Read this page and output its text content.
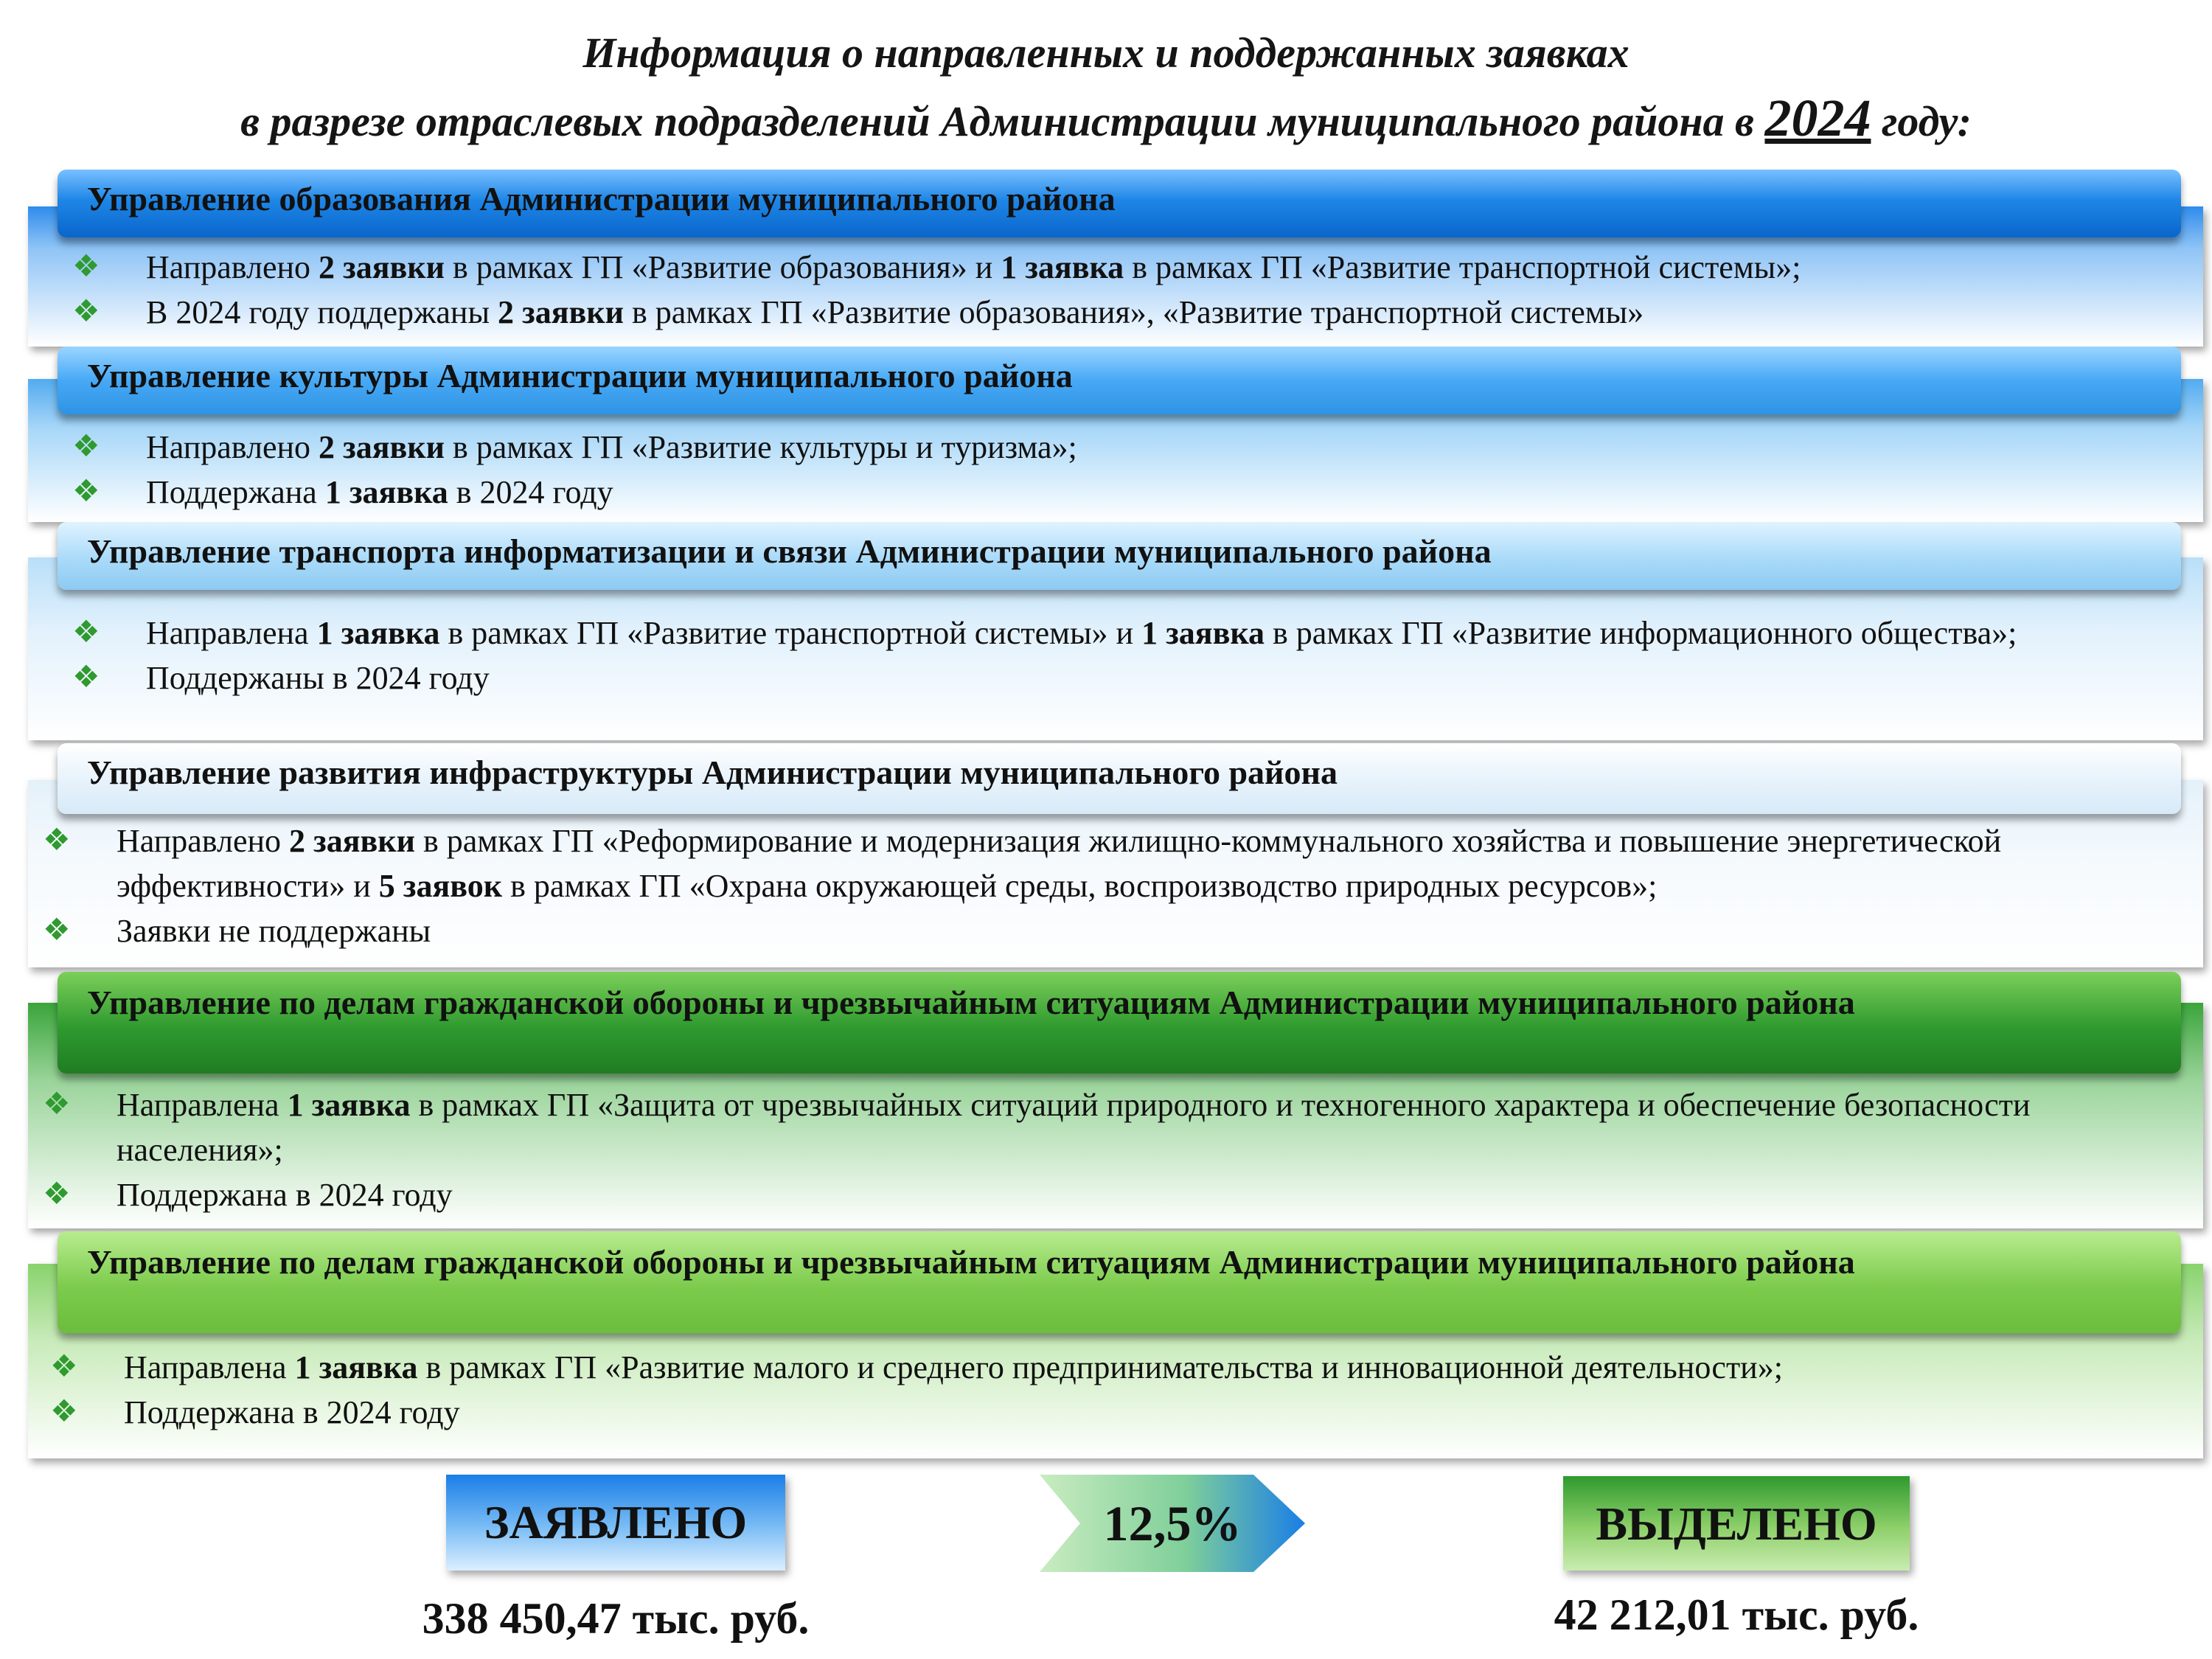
Информация о направленных и поддержанных заявках
в разрезе отраслевых подразделений Администрации муниципального района в 2024 году:
Управление образования Администрации муниципального района
❖	Направлено 2 заявки в рамках ГП «Развитие образования» и 1 заявка в рамках ГП «Развитие транспортной системы»;
❖	В 2024 году поддержаны 2 заявки в рамках ГП «Развитие образования», «Развитие транспортной системы»
Управление культуры Администрации муниципального района
❖	Направлено 2 заявки в рамках ГП «Развитие культуры и туризма»;
❖	Поддержана 1 заявка в 2024 году
Управление транспорта информатизации и связи Администрации муниципального района
❖	Направлена 1 заявка в рамках ГП «Развитие транспортной системы» и 1 заявка в рамках ГП «Развитие информационного общества»;
❖	Поддержаны в 2024 году
Управление развития инфраструктуры Администрации муниципального района
❖	Направлено 2 заявки в рамках ГП «Реформирование и модернизация жилищно-коммунального хозяйства и повышение энергетической эффективности» и 5 заявок в рамках ГП «Охрана окружающей среды, воспроизводство природных ресурсов»;
❖	Заявки не поддержаны
Управление по делам гражданской обороны и чрезвычайным ситуациям Администрации муниципального района
❖	Направлена 1 заявка в рамках ГП «Защита от чрезвычайных ситуаций природного и техногенного характера и обеспечение безопасности населения»;
❖	Поддержана в 2024 году
Управление по делам гражданской обороны и чрезвычайным ситуациям Администрации муниципального района
❖	Направлена 1 заявка в рамках ГП «Развитие малого и среднего предпринимательства и инновационной деятельности»;
❖	Поддержана в 2024 году
ЗАЯВЛЕНО	12,5%	ВЫДЕЛЕНО
338 450,47 тыс. руб.	42 212,01 тыс. руб.
